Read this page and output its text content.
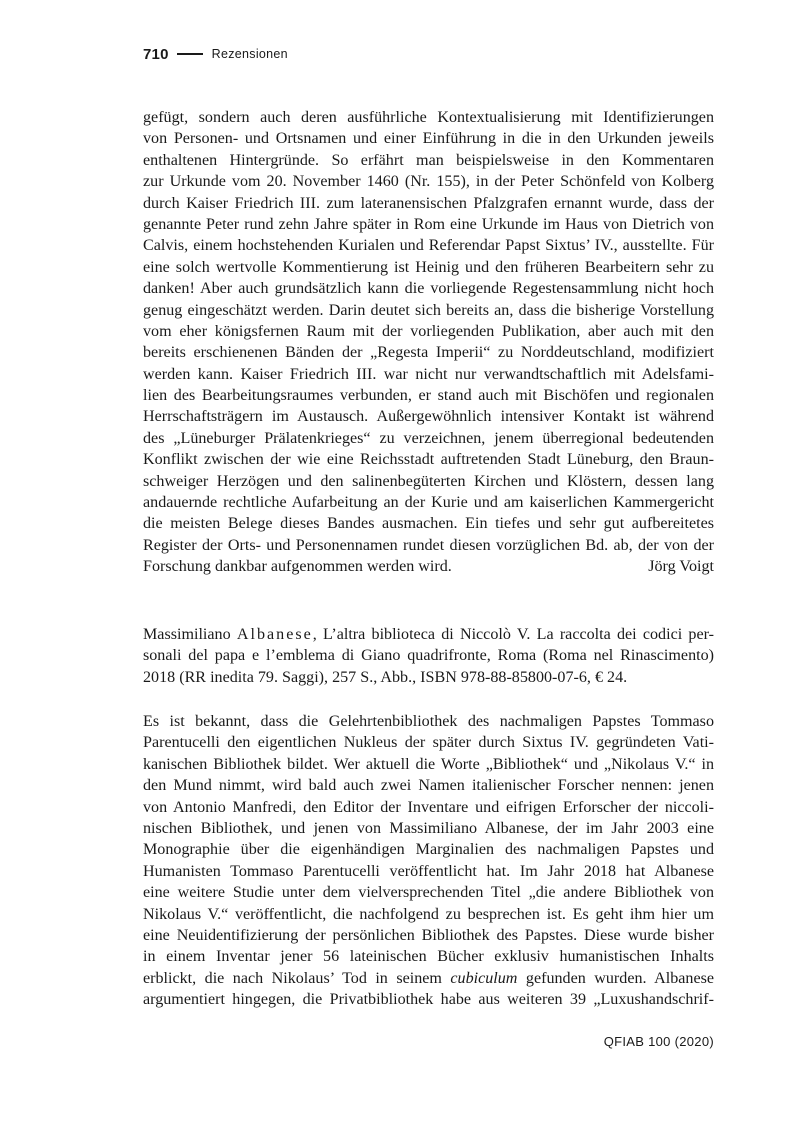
710	Rezensionen
gefügt, sondern auch deren ausführliche Kontextualisierung mit Identifizierungen
von Personen- und Ortsnamen und einer Einführung in die in den Urkunden jeweils
enthaltenen Hintergründe. So erfährt man beispielsweise in den Kommentaren
zur Urkunde vom 20. November 1460 (Nr. 155), in der Peter Schönfeld von Kolberg
durch Kaiser Friedrich III. zum lateranensischen Pfalzgrafen ernannt wurde, dass der
genannte Peter rund zehn Jahre später in Rom eine Urkunde im Haus von Dietrich von
Calvis, einem hochstehenden Kurialen und Referendar Papst Sixtus’ IV., ausstellte. Für
eine solch wertvolle Kommentierung ist Heinig und den früheren Bearbeitern sehr zu
danken! Aber auch grundsätzlich kann die vorliegende Regestensammlung nicht hoch
genug eingeschätzt werden. Darin deutet sich bereits an, dass die bisherige Vorstellung
vom eher königsfernen Raum mit der vorliegenden Publikation, aber auch mit den
bereits erschienenen Bänden der „Regesta Imperii“ zu Norddeutschland, modifiziert
werden kann. Kaiser Friedrich III. war nicht nur verwandtschaftlich mit Adelsfami-
lien des Bearbeitungsraumes verbunden, er stand auch mit Bischöfen und regionalen
Herrschaftsträgern im Austausch. Außergewöhnlich intensiver Kontakt ist während
des „Lüneburger Prälatenkrieges“ zu verzeichnen, jenem überregional bedeutenden
Konflikt zwischen der wie eine Reichsstadt auftretenden Stadt Lüneburg, den Braun-
schweiger Herzögen und den salinenbegüterten Kirchen und Klöstern, dessen lang
andauernde rechtliche Aufarbeitung an der Kurie und am kaiserlichen Kammergericht
die meisten Belege dieses Bandes ausmachen. Ein tiefes und sehr gut aufbereitetes
Register der Orts- und Personennamen rundet diesen vorzüglichen Bd. ab, der von der
Forschung dankbar aufgenommen werden wird.	Jörg Voigt
Massimiliano Albanese, L’altra biblioteca di Niccolò V. La raccolta dei codici per-
sonali del papa e l’emblema di Giano quadrifronte, Roma (Roma nel Rinascimento)
2018 (RR inedita 79. Saggi), 257 S., Abb., ISBN 978-88-85800-07-6, € 24.
Es ist bekannt, dass die Gelehrtenbibliothek des nachmaligen Papstes Tommaso
Parentucelli den eigentlichen Nukleus der später durch Sixtus IV. gegründeten Vati-
kanischen Bibliothek bildet. Wer aktuell die Worte „Bibliothek“ und „Nikolaus V.“ in
den Mund nimmt, wird bald auch zwei Namen italienischer Forscher nennen: jenen
von Antonio Manfredi, den Editor der Inventare und eifrigen Erforscher der niccoli-
nischen Bibliothek, und jenen von Massimiliano Albanese, der im Jahr 2003 eine
Monographie über die eigenhändigen Marginalien des nachmaligen Papstes und
Humanisten Tommaso Parentucelli veröffentlicht hat. Im Jahr 2018 hat Albanese
eine weitere Studie unter dem vielversprechenden Titel „die andere Bibliothek von
Nikolaus V.“ veröffentlicht, die nachfolgend zu besprechen ist. Es geht ihm hier um
eine Neuidentifizierung der persönlichen Bibliothek des Papstes. Diese wurde bisher
in einem Inventar jener 56 lateinischen Bücher exklusiv humanistischen Inhalts
erblickt, die nach Nikolaus’ Tod in seinem cubiculum gefunden wurden. Albanese
argumentiert hingegen, die Privatbibliothek habe aus weiteren 39 „Luxushandschrif-
QFIAB 100 (2020)
